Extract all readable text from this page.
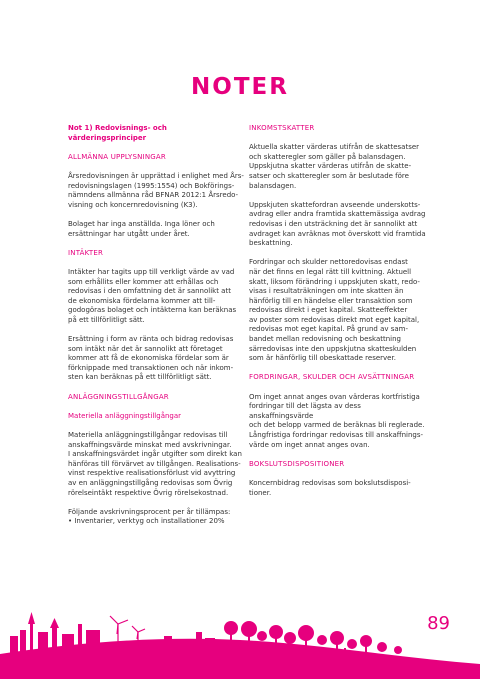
NOTER

Not 1) Redovisnings- och värderingsprinciper

ALLMÄNNA UPPLYSNINGAR

Årsredovisningen är upprättad i enlighet med Års-
redovisningslagen (1995:1554) och Bokförings-
nämndens allmänna råd BFNAR 2012:1 Årsredo-
visning och koncernredovisning (K3).

Bolaget har inga anställda. Inga löner och
ersättningar har utgått under året.

INTÄKTER

Intäkter har tagits upp till verkligt värde av vad
som erhållits eller kommer att erhållas och
redovisas i den omfattning det är sannolikt att
de ekonomiska fördelarna kommer att till-
godogöras bolaget och intäkterna kan beräknas
på ett tillförlitligt sätt.

Ersättning i form av ränta och bidrag redovisas
som intäkt när det är sannolikt att företaget
kommer att få de ekonomiska fördelar som är
förknippade med transaktionen och när inkom-
sten kan beräknas på ett tillförlitligt sätt.

ANLÄGGNINGSTILLGÅNGAR

Materiella anläggningstillgångar

Materiella anläggningstillgångar redovisas till
anskaffningsvärde minskat med avskrivningar.
I anskaffningsvärdet ingår utgifter som direkt kan
hänföras till förvärvet av tillgången. Realisations-
vinst respektive realisationsförlust vid avyttring
av en anläggningstillgång redovisas som Övrig
rörelseintäkt respektive Övrig rörelsekostnad.

Följande avskrivningsprocent per år tillämpas:

• Inventarier, verktyg och installationer 20%

INKOMSTSKATTER

Aktuella skatter värderas utifrån de skattesatser
och skatteregler som gäller på balansdagen.
Uppskjutna skatter värderas utifrån de skatte-
satser och skatteregler som är beslutade före
balansdagen.

Uppskjuten skattefordran avseende underskotts-
avdrag eller andra framtida skattemässiga avdrag
redovisas i den utsträckning det är sannolikt att
avdraget kan avräknas mot överskott vid framtida
beskattning.

Fordringar och skulder nettoredovisas endast
när det finns en legal rätt till kvittning. Aktuell
skatt, liksom förändring i uppskjuten skatt, redo-
visas i resultaträkningen om inte skatten än
hänförlig till en händelse eller transaktion som
redovisas direkt i eget kapital. Skatteeffekter
av poster som redovisas direkt mot eget kapital,
redovisas mot eget kapital. På grund av sam-
bandet mellan redovisning och beskattning
särredovisas inte den uppskjutna skatteskulden
som är hänförlig till obeskattade reserver.

FORDRINGAR, SKULDER OCH AVSÄTTNINGAR

Om inget annat anges ovan värderas kortfristiga
fordringar till det lägsta av dess anskaffningsvärde
och det belopp varmed de beräknas bli reglerade.
Långfristiga fordringar redovisas till anskaffnings-
värde om inget annat anges ovan.

BOKSLUTSDISPOSITIONER

Koncernbidrag redovisas som bokslutsdisposi-
tioner.

89
